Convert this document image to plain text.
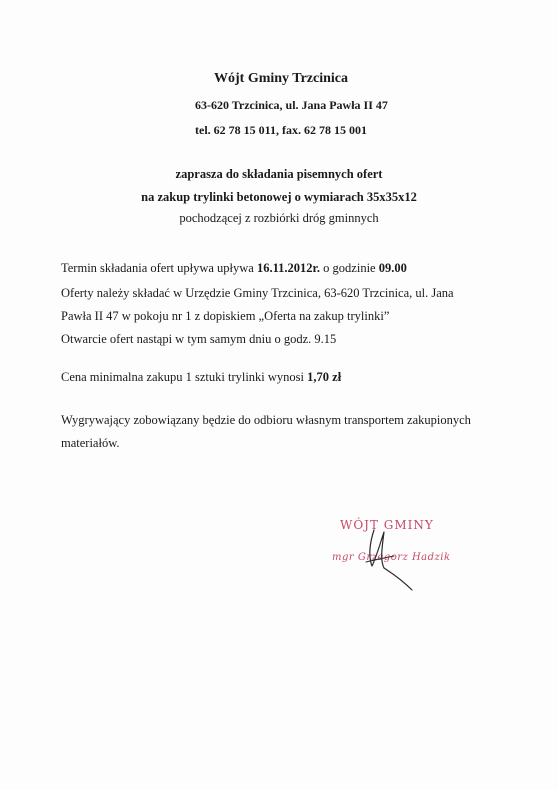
Wójt Gminy Trzcinica
63-620 Trzcinica, ul. Jana Pawła II 47
tel. 62 78 15 011, fax. 62 78 15 001
zaprasza do składania pisemnych ofert
na zakup trylinki betonowej o wymiarach 35x35x12
pochodzącej z rozbiórki dróg gminnych
Termin składania ofert upływa upływa 16.11.2012r. o godzinie 09.00
Oferty należy składać w Urzędzie Gminy Trzcinica, 63-620 Trzcinica, ul. Jana
Pawła II 47 w pokoju nr 1 z dopiskiem „Oferta na zakup trylinki”
Otwarcie ofert nastąpi w tym samym dniu o godz. 9.15
Cena minimalna zakupu 1 sztuki trylinki wynosi 1,70 zł
Wygrywający zobowiązany będzie do odbioru własnym transportem zakupionych
materiałów.
WÓJT GMINY
mgr Grzegorz Hadzik
